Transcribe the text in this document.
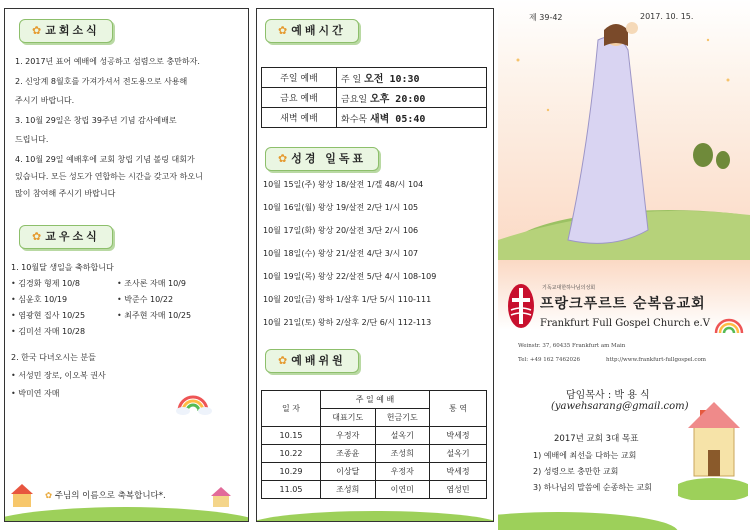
✿ 교회소식
1. 2017년 표어 예배에 성공하고 섬렴으로 충만하자.
2. 신앙계 8월호를 가져가셔서 전도용으로 사용해
주시기 바랍니다.
3. 10월 29일은 창립 39주년 기념 감사예배로
드립니다.
4. 10월 29일 예배후에 교회 창립 기념 볼링 대회가
있습니다. 모든 성도가 연합하는 시간을 갖고자 하오니
많이 참여해 주시기 바랍니다
✿ 교우소식
1. 10월달 생일을 축하합니다
• 김경화 형제 10/8	• 조사론 자매 10/9
• 심윤호 10/19	• 박준수 10/22
• 염광현 집사 10/25	• 최주현 자매 10/25
• 김미선 자매 10/28
2. 한국 다녀오시는 분들
• 서성민 장로, 이오복 권사
• 박미연 자매
✿ 주님의 이름으로 축복합니다*.
✿ 예배시간
주일 예배	주 일 오전 10:30
금요 예배	금요일 오후 20:00
새벽 예배	화수목 새벽 05:40
✿ 성경 일독표
10월 15일(주) 왕상 18/살전 1/겔 48/시 104
10월 16일(월) 왕상 19/살전 2/단 1/시 105
10월 17일(화) 왕상 20/살전 3/단 2/시 106
10월 18일(수) 왕상 21/살전 4/단 3/시 107
10월 19일(목) 왕상 22/살전 5/단 4/시 108-109
10월 20일(금) 왕하 1/살후 1/단 5/시 110-111
10월 21일(토) 왕하 2/살후 2/단 6/시 112-113
✿ 예배위원
일 자	주 일 예 배		통 역
	대표기도	헌금기도	
10.15	우정자	설옥기	박세정
10.22	조종윤	조성희	설옥기
10.29	이상달	우정자	박세정
11.05	조성희	이연미	염성민
제 39-42	2017. 10. 15.
기독교대한하나님의성회
프랑크푸르트 순복음교회
Frankfurt Full Gospel Church e.V
Weinstr. 37, 60435 Frankfurt am Main
Tel: +49 162 7462026	http://www.frankfurt-fullgospel.com
담임목사 : 박 용 식
(yawehsarang@gmail.com)
2017년 교회 3대 목표
1) 예배에 최선을 다하는 교회
2) 성령으로 충만한 교회
3) 하나님의 말씀에 순종하는 교회
